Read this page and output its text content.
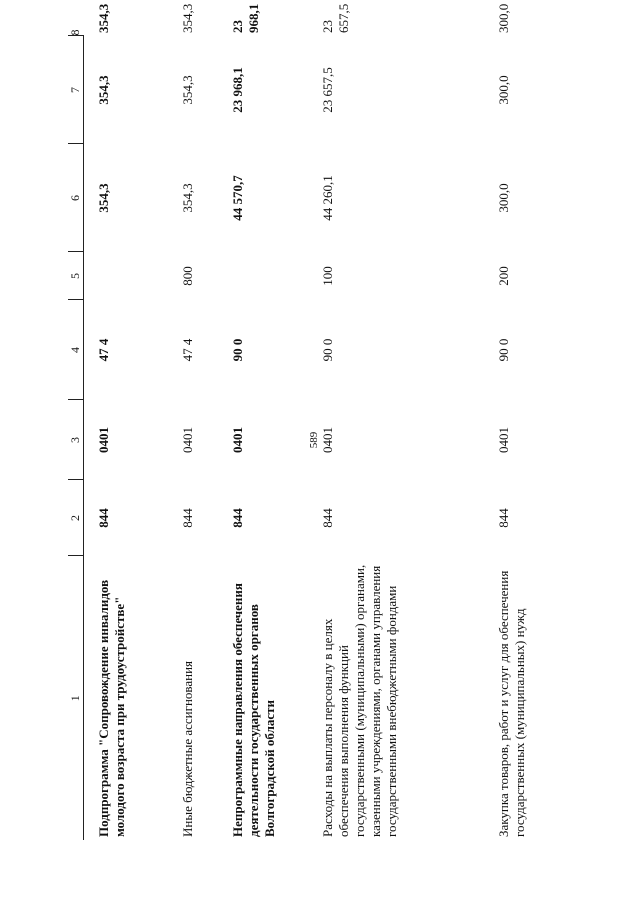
589
1	2	3	4	5	6	7	8
Подпрограмма "Сопровождение инвалидов молодого возраста при трудоустройстве"	844	0401	47 4		354,3	354,3	354,3
Иные бюджетные ассигнования	844	0401	47 4	800	354,3	354,3	354,3
Непрограммные направления обеспечения деятельности государственных органов Волгоградской области	844	0401	90 0		44 570,7	23 968,1	23 968,1
Расходы на выплаты персоналу в целях обеспечения выполнения функций государственными (муниципальными) органами, казенными учреждениями, органами управления государственными внебюджетными фондами	844	0401	90 0	100	44 260,1	23 657,5	23 657,5
Закупка товаров, работ и услуг для обеспечения государственных (муниципальных) нужд	844	0401	90 0	200	300,0	300,0	300,0
